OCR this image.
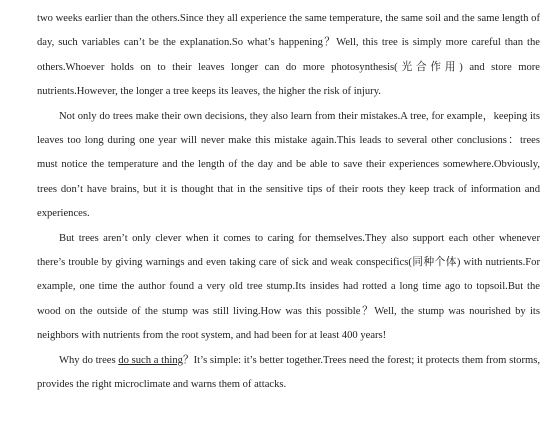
two weeks earlier than the others.Since they all experience the same temperature, the same soil and the same length of day, such variables can’t be the explanation.So what’s happening？Well, this tree is simply more careful than the others.Whoever holds on to their leaves longer can do more photosynthesis(光合作用) and store more nutrients.However, the longer a tree keeps its leaves, the higher the risk of injury.

Not only do trees make their own decisions, they also learn from their mistakes.A tree, for example，keeping its leaves too long during one year will never make this mistake again.This leads to several other conclusions：trees must notice the temperature and the length of the day and be able to save their experiences somewhere.Obviously, trees don’t have brains, but it is thought that in the sensitive tips of their roots they keep track of information and experiences.

But trees aren’t only clever when it comes to caring for themselves.They also support each other whenever there’s trouble by giving warnings and even taking care of sick and weak conspecifics(同种个体) with nutrients.For example, one time the author found a very old tree stump.Its insides had rotted a long time ago to topsoil.But the wood on the outside of the stump was still living.How was this possible？Well, the stump was nourished by its neighbors with nutrients from the root system, and had been for at least 400 years!

Why do trees do such a thing？It’s simple: it’s better together.Trees need the forest; it protects them from storms, provides the right microclimate and warns them of attacks.
